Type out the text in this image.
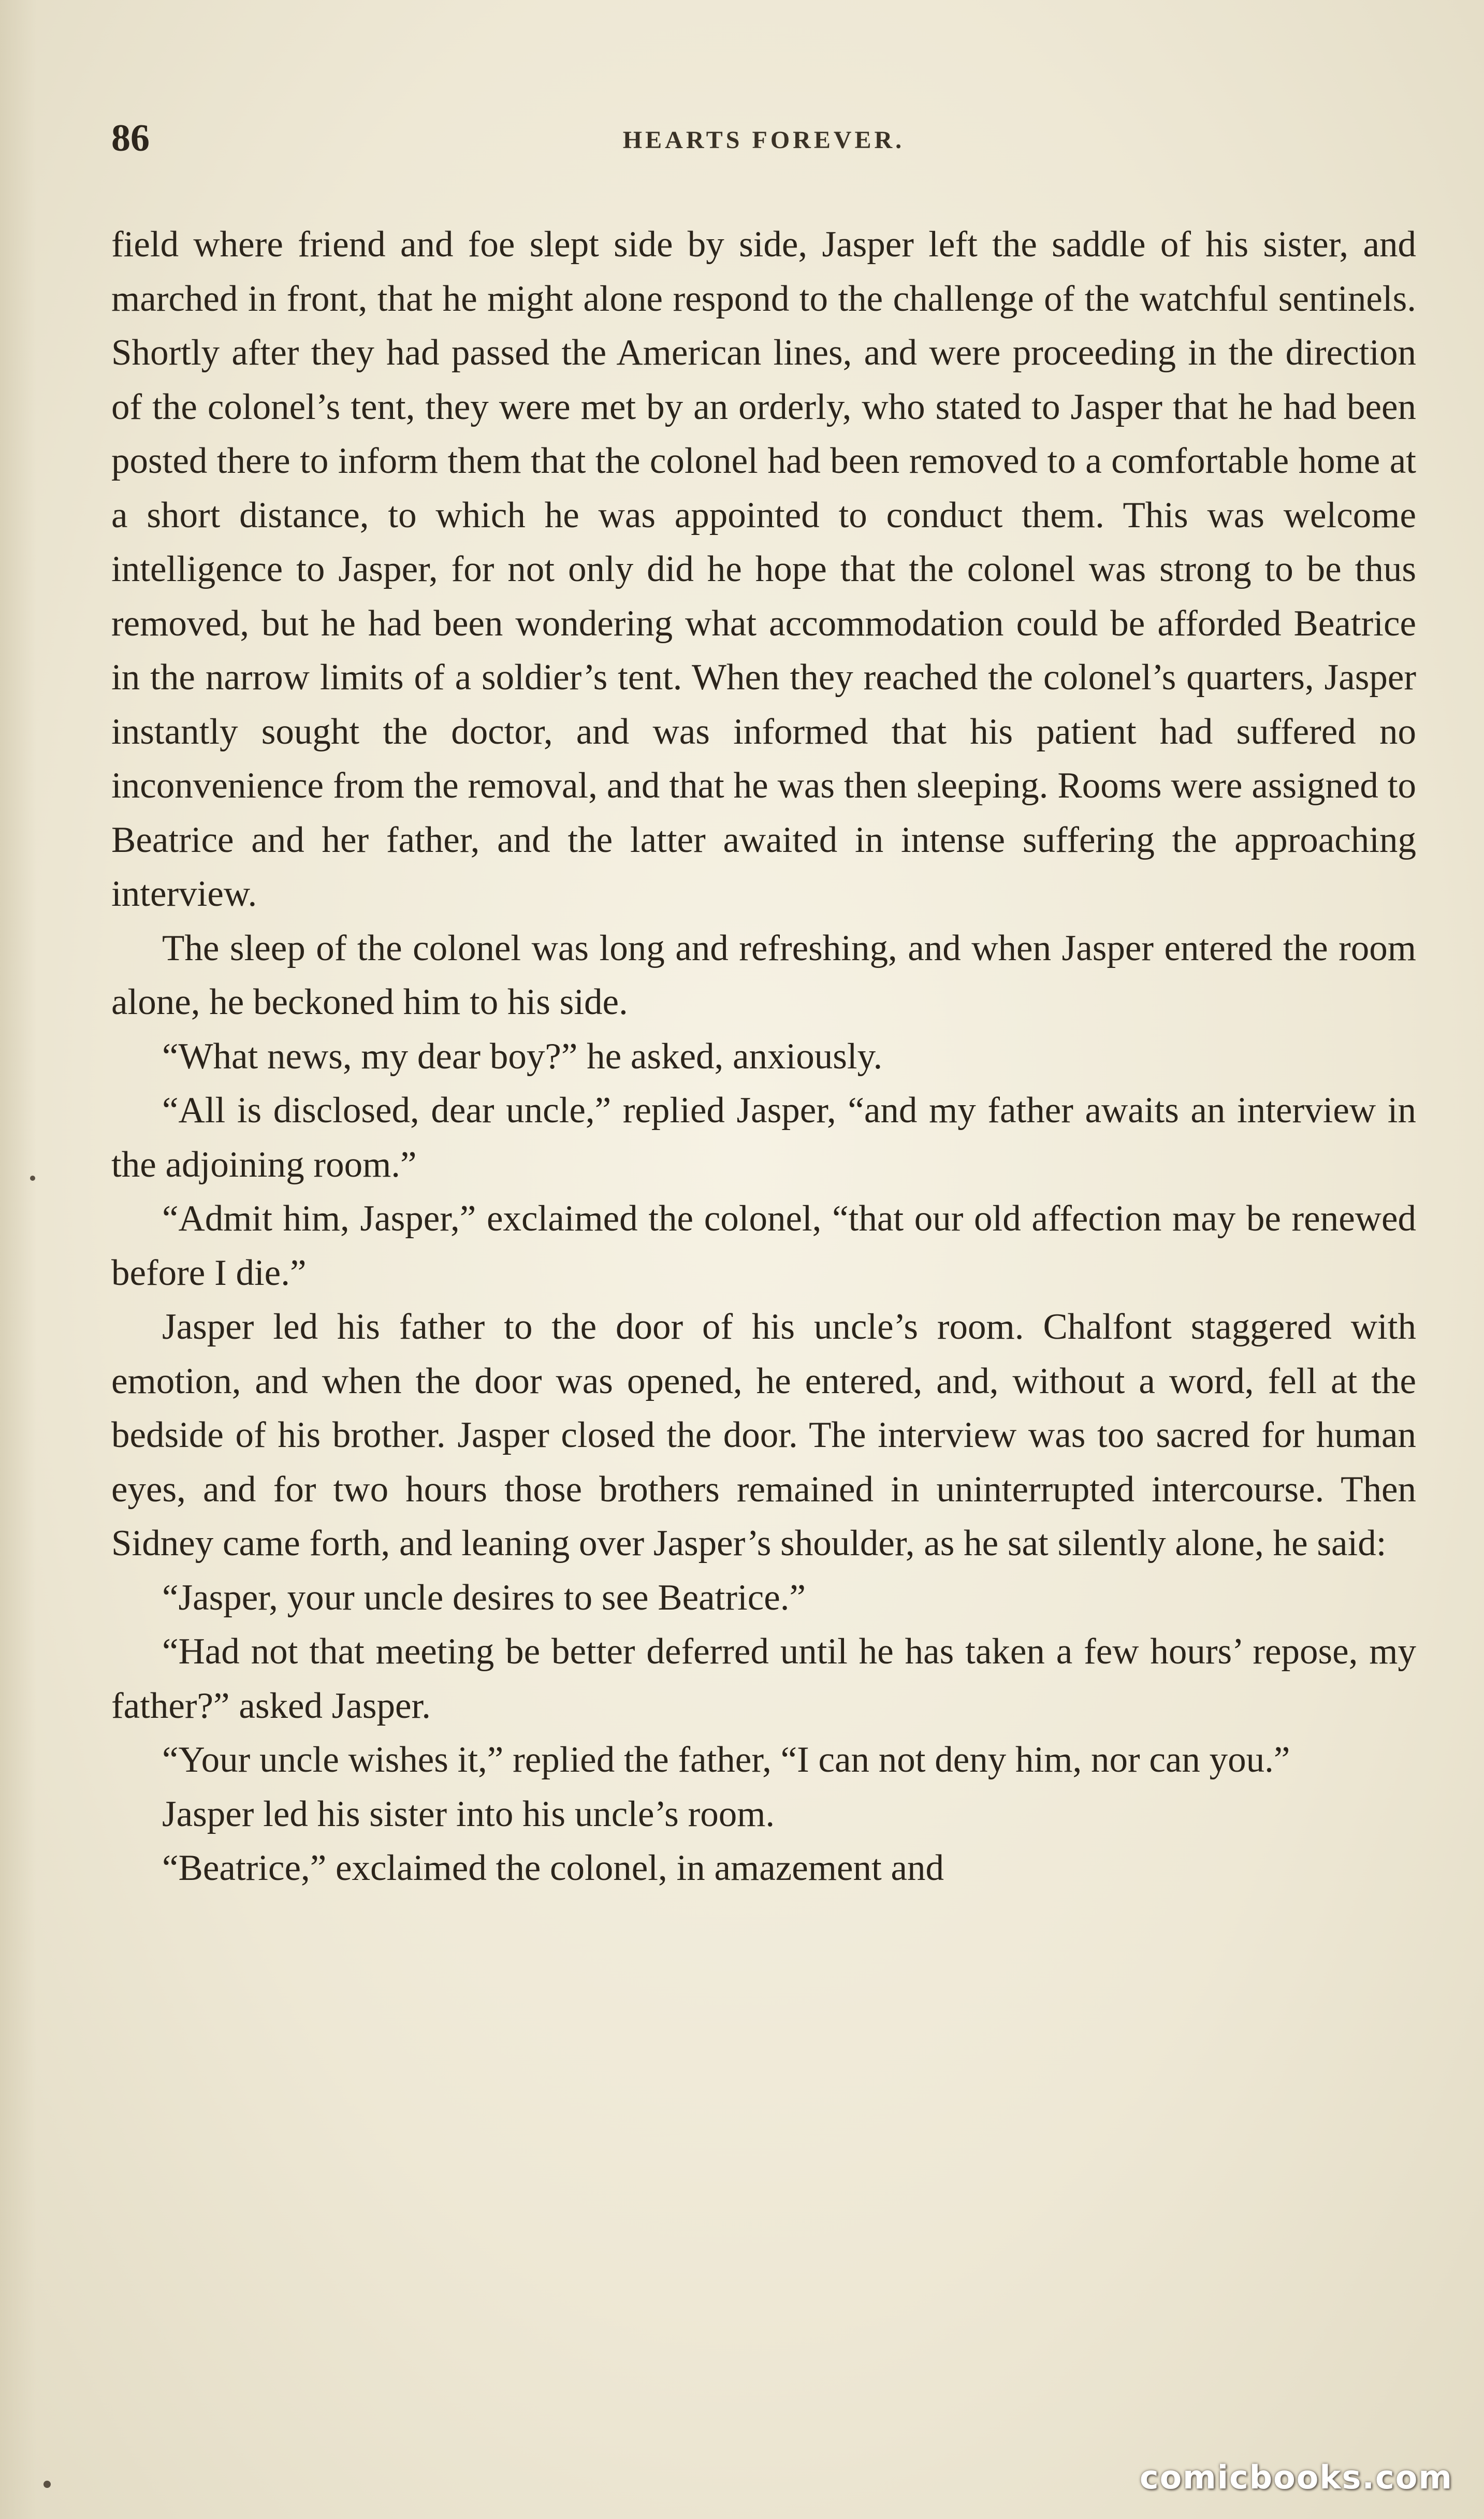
86	HEARTS FOREVER.

field where friend and foe slept side by side, Jasper left the saddle of his sister, and marched in front, that he might alone respond to the challenge of the watchful sentinels. Shortly after they had passed the American lines, and were proceeding in the direction of the colonel’s tent, they were met by an orderly, who stated to Jasper that he had been posted there to inform them that the colonel had been removed to a comfortable home at a short distance, to which he was appointed to conduct them. This was welcome intelligence to Jasper, for not only did he hope that the colonel was strong to be thus removed, but he had been wondering what accommodation could be afforded Beatrice in the narrow limits of a soldier’s tent. When they reached the colonel’s quarters, Jasper instantly sought the doctor, and was informed that his patient had suffered no inconvenience from the removal, and that he was then sleeping. Rooms were assigned to Beatrice and her father, and the latter awaited in intense suffering the approaching interview.

The sleep of the colonel was long and refreshing, and when Jasper entered the room alone, he beckoned him to his side.

“What news, my dear boy?” he asked, anxiously.

“All is disclosed, dear uncle,” replied Jasper, “and my father awaits an interview in the adjoining room.”

“Admit him, Jasper,” exclaimed the colonel, “that our old affection may be renewed before I die.”

Jasper led his father to the door of his uncle’s room. Chalfont staggered with emotion, and when the door was opened, he entered, and, without a word, fell at the bedside of his brother. Jasper closed the door. The interview was too sacred for human eyes, and for two hours those brothers remained in uninterrupted intercourse. Then Sidney came forth, and leaning over Jasper’s shoulder, as he sat silently alone, he said:

“Jasper, your uncle desires to see Beatrice.”

“Had not that meeting be better deferred until he has taken a few hours’ repose, my father?” asked Jasper.

“Your uncle wishes it,” replied the father, “I can not deny him, nor can you.”

Jasper led his sister into his uncle’s room.

“Beatrice,” exclaimed the colonel, in amazement and

comicbooks.com
